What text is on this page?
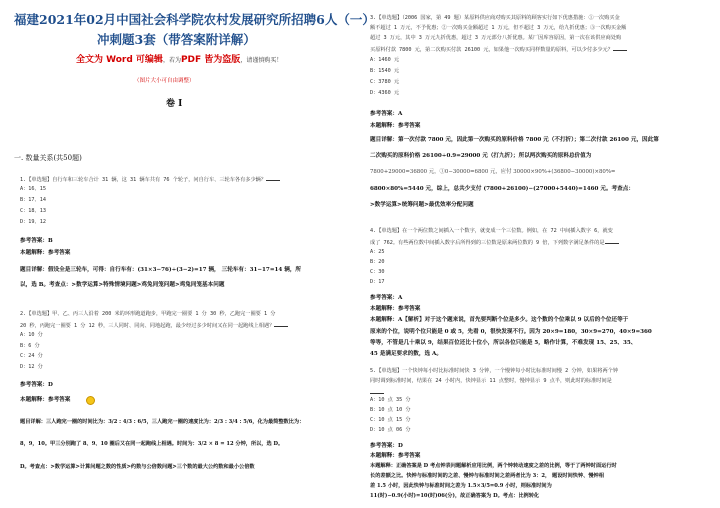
福建2021年02月中国社会科学院农村发展研究所招聘6人（一）
冲刺题3套（带答案附详解）
全文为 Word 可编辑，若为PDF 皆为盗版，请谨慎购买！
（图片大小可自由调整）
卷 I
一. 数量关系(共50题)
1.【单选题】自行车和三轮车合计 31 辆，这 31 辆车共有 76 个轮子，问自行车、三轮车各有多少辆？
A：16、15
B：17、14
C：18、13
D：19、12
参考答案：B
本题解释：参考答案
题目详解：假设全是三轮车，可得：自行车有：(31×3−76)÷(3−2)=17 辆， 三轮车有：31−17=14 辆，所
以，选 B。考查点：>数学运算>特殊情境问题>鸡兔同笼问题>鸡兔同笼基本问题
2.【单选题】甲、乙、丙三人沿着 200 米的环形跑道跑步，甲跑完一圈要 1 分 30 秒，乙跑完一圈要 1 分
20 秒，丙跑完一圈要 1 分 12 秒，三人同时、同向、同地起跑，最少经过多少时间又在同一起跑线上相遇？
A：10 分
B：6 分
C：24 分
D：12 分
参考答案：D
本题解释：参考答案
题目详解：三人跑完一圈的时间比为：3/2 : 4/3 : 6/5，三人跑完一圈的速度比为：2/3 : 3/4 : 5/6，化为最简整数比为：
8，9，10。甲三分别跑了 8、9、10 圈后又在同一起跑线上相遇。时间为：3/2 × 8 = 12 分钟，所以，选 D。
D。考查点：>数学运算>计算问题之数的性质>约数与公倍数问题>三个数的最大公约数和最小公倍数
3.【单选题】（2006 国家，第 49 题）某原料供应商对购买其原料的顾客实行如下优惠措施：①一次购买金
额不超过 1 万元，不予优惠；②一次购买金额超过 1 万元，但不超过 3 万元，给九折优惠；③一次购买金额
超过 3 万元，其中 3 万元九折优惠，超过 3 万元部分八折优惠。某厂因库容原因，第一次在该供应商处购
买原料付款 7800 元，第二次购买付款 26100 元，如果他一次购买同样数量的原料，可以少付多少元？
A：1460 元
B：1540 元
C：3780 元
D：4360 元
参考答案：A
本题解释：参考答案
题目详解：第一次付款 7800 元，因此第一次购买的原料价格 7800 元（不打折）；第二次付款 26100 元，因此第
二次购买的原料价格 26100÷0.9=29000 元（打九折）；所以两次购买的原料总价值为
7800+29000=36800 元，①0−30000=6800 元，应付 30000×90%+(36800−30000)×80%=
6800×80%=5440 元，综上，总共少支付 (7800+26100)−(27000+5440)=1460 元。考查点：
>数学运算>统筹问题>最优效率分配问题
4.【单选题】在一个两位数之间插入一个数字，就变成一个三位数。例如，在 72 中间插入数字 6，就变
成了 762。有些两位数中间插入数字后所得到的三位数是原来两位数的 9 倍，下列数字满足条件的是
A：25
B：20
C：30
D：17
参考答案：A
本题解释：参考答案
本题解释：A【解析】对于这个题来说，首先要判断个位是多少。这个数的个位乘以 9 以后的个位还等于
原来的个位，说明个位只能是 0 或 5，先看 0，很快发现不行。因为 20×9=180，30×9=270，40×9=360
等等，不管是几十乘以 9，结果百位还比十位小，所以各位只能是 5，略作计算，不难发现 15、25、35、
45 是满足要求的数，选 A。
5.【单选题】一个快钟每小时比标准时间快 3 分钟，一个慢钟每小时比标准时间慢 2 分钟，如果将两个钟
同时调到标准时间，结果在 24 小时内，快钟显示 11 点整时，慢钟显示 9 点半，则此时的标准时间是
A：10 点 35 分
B：10 点 10 分
C：10 点 15 分
D：10 点 06 分
参考答案：D
本题解释：参考答案
本题解释：正确答案是 D 考点钟表问题解析应用比例，两个钟转动速度之差的比例，等于了两钟时面运行时
长的差额之比。快钟与标准时间的之差、慢钟与标准时间之差两者比为 3：2， 题设时间快钟、慢钟相
差 1.5 小时，因此快钟与标准时间之差为 1.5×3/5=0.9 小时，则标准时间为
11(时)−0.9(小时)=10(时)06(分)，故正确答案为 D。考点：比例转化
